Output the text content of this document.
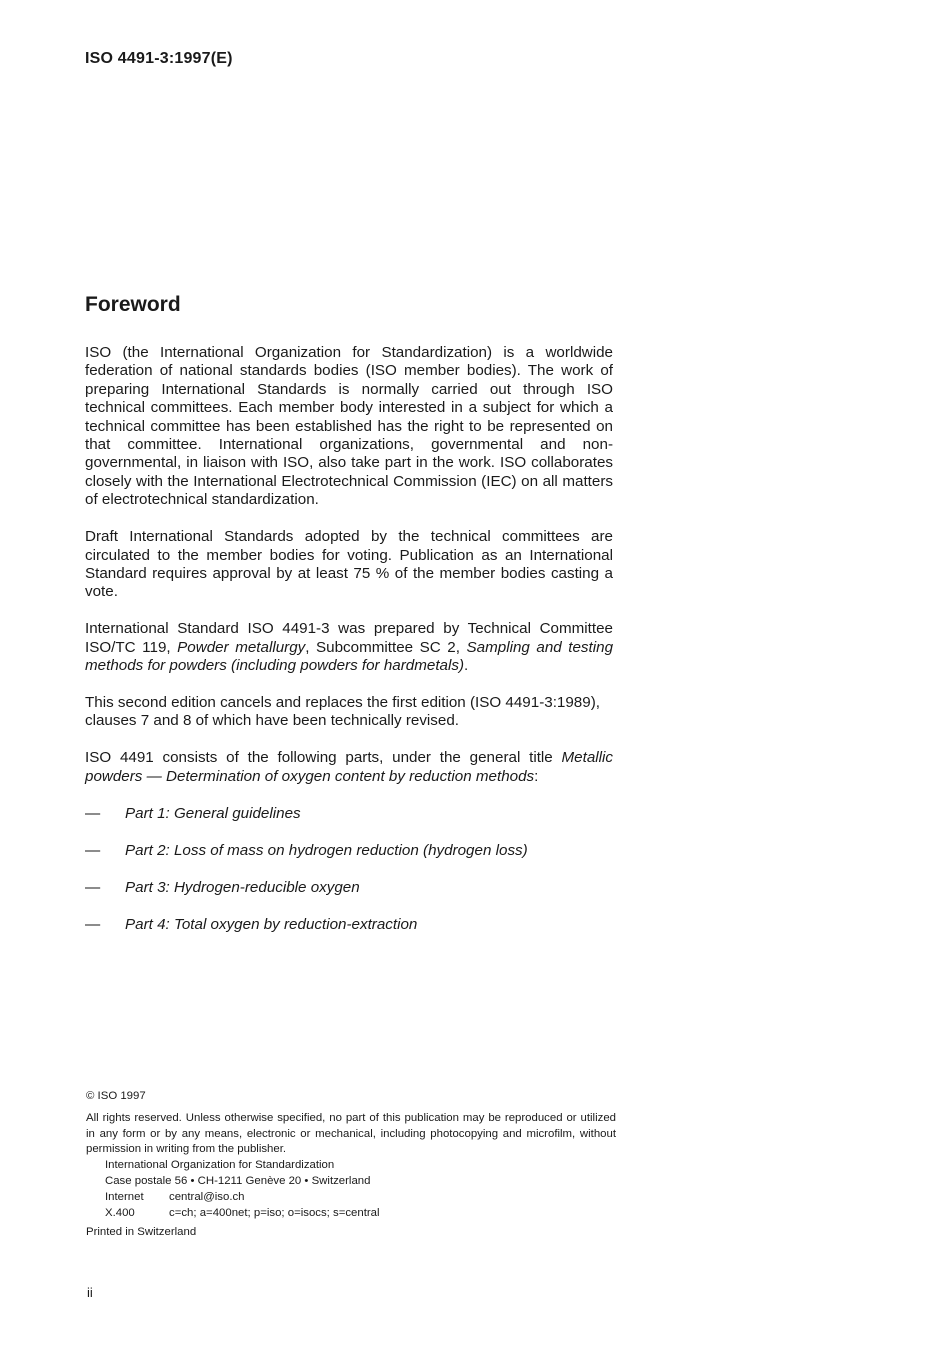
ISO 4491-3:1997(E)
Foreword

ISO (the International Organization for Standardization) is a worldwide federation of national standards bodies (ISO member bodies). The work of preparing International Standards is normally carried out through ISO technical committees. Each member body interested in a subject for which a technical committee has been established has the right to be represented on that committee. International organizations, governmental and non-governmental, in liaison with ISO, also take part in the work. ISO collaborates closely with the International Electrotechnical Commission (IEC) on all matters of electrotechnical standardization.

Draft International Standards adopted by the technical committees are circulated to the member bodies for voting. Publication as an International Standard requires approval by at least 75 % of the member bodies casting a vote.

International Standard ISO 4491-3 was prepared by Technical Committee ISO/TC 119, Powder metallurgy, Subcommittee SC 2, Sampling and testing methods for powders (including powders for hardmetals).

This second edition cancels and replaces the first edition (ISO 4491-3:1989), clauses 7 and 8 of which have been technically revised.

ISO 4491 consists of the following parts, under the general title Metallic powders — Determination of oxygen content by reduction methods:

— Part 1: General guidelines
— Part 2: Loss of mass on hydrogen reduction (hydrogen loss)
— Part 3: Hydrogen-reducible oxygen
— Part 4: Total oxygen by reduction-extraction

© ISO 1997

All rights reserved. Unless otherwise specified, no part of this publication may be reproduced or utilized in any form or by any means, electronic or mechanical, including photocopying and microfilm, without permission in writing from the publisher.

International Organization for Standardization

Case postale 56 • CH-1211 Genève 20 • Switzerland

Internet central@iso.ch

X.400	c=ch; a=400net; p=iso; o=isocs; s=central

Printed in Switzerland

ii
